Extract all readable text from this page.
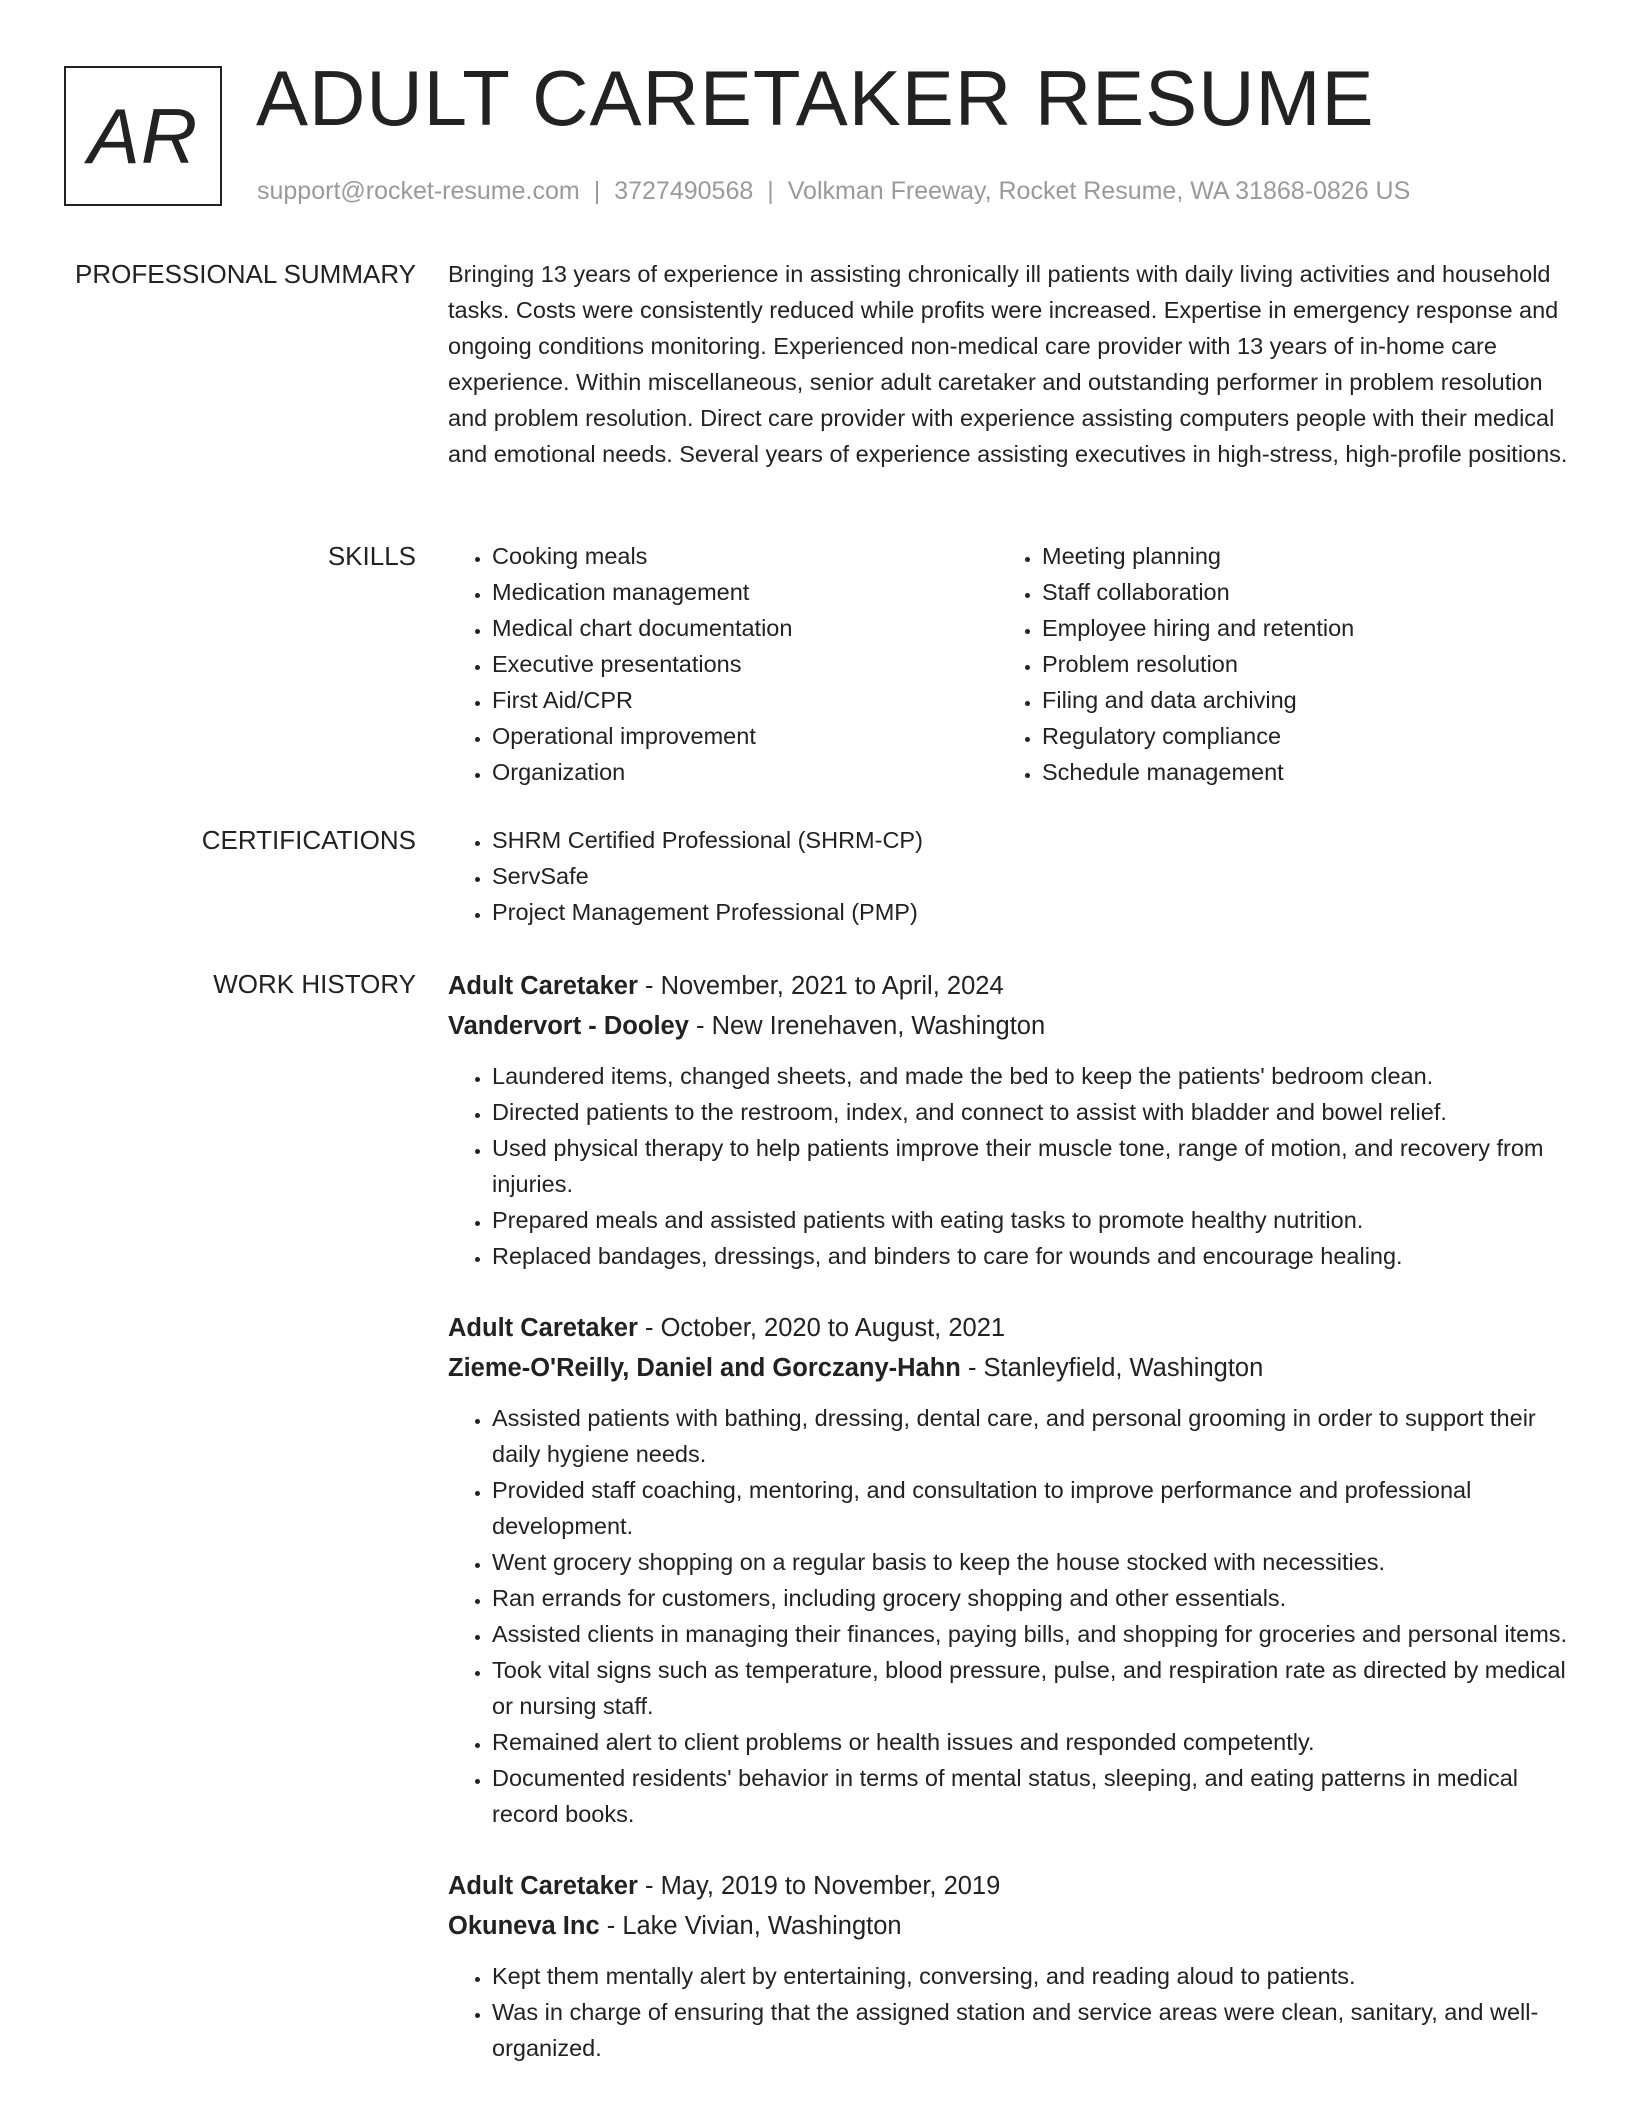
AR ADULT CARETAKER RESUME
support@rocket-resume.com | 3727490568 | Volkman Freeway, Rocket Resume, WA 31868-0826 US
PROFESSIONAL SUMMARY Bringing 13 years of experience in assisting chronically ill patients with daily living activities and household tasks. Costs were consistently reduced while profits were increased. Expertise in emergency response and ongoing conditions monitoring. Experienced non-medical care provider with 13 years of in-home care experience. Within miscellaneous, senior adult caretaker and outstanding performer in problem resolution and problem resolution. Direct care provider with experience assisting computers people with their medical and emotional needs. Several years of experience assisting executives in high-stress, high-profile positions.

SKILLS	• Cooking meals
• Medication management
• Medical chart documentation
• Executive presentations
• First Aid/CPR
• Operational improvement
• Organization
• Meeting planning
• Staff collaboration
• Employee hiring and retention
• Problem resolution
• Filing and data archiving
• Regulatory compliance
• Schedule management
CERTIFICATIONS	• SHRM Certified Professional (SHRM-CP)
• ServSafe
• Project Management Professional (PMP)
WORK HISTORY Adult Caretaker - November, 2021 to April, 2024
Vandervort - Dooley - New Irenehaven, Washington
• Laundered items, changed sheets, and made the bed to keep the patients' bedroom clean.
• Directed patients to the restroom, index, and connect to assist with bladder and bowel relief.
• Used physical therapy to help patients improve their muscle tone, range of motion, and recovery from injuries.
• Prepared meals and assisted patients with eating tasks to promote healthy nutrition.
• Replaced bandages, dressings, and binders to care for wounds and encourage healing.
Adult Caretaker - October, 2020 to August, 2021
Zieme-O'Reilly, Daniel and Gorczany-Hahn - Stanleyfield, Washington
• Assisted patients with bathing, dressing, dental care, and personal grooming in order to support their daily hygiene needs.
• Provided staff coaching, mentoring, and consultation to improve performance and professional development.
• Went grocery shopping on a regular basis to keep the house stocked with necessities.
• Ran errands for customers, including grocery shopping and other essentials.
• Assisted clients in managing their finances, paying bills, and shopping for groceries and personal items.
• Took vital signs such as temperature, blood pressure, pulse, and respiration rate as directed by medical or nursing staff.
• Remained alert to client problems or health issues and responded competently.
• Documented residents' behavior in terms of mental status, sleeping, and eating patterns in medical record books.
Adult Caretaker - May, 2019 to November, 2019
Okuneva Inc - Lake Vivian, Washington
• Kept them mentally alert by entertaining, conversing, and reading aloud to patients.
• Was in charge of ensuring that the assigned station and service areas were clean, sanitary, and well-organized.
